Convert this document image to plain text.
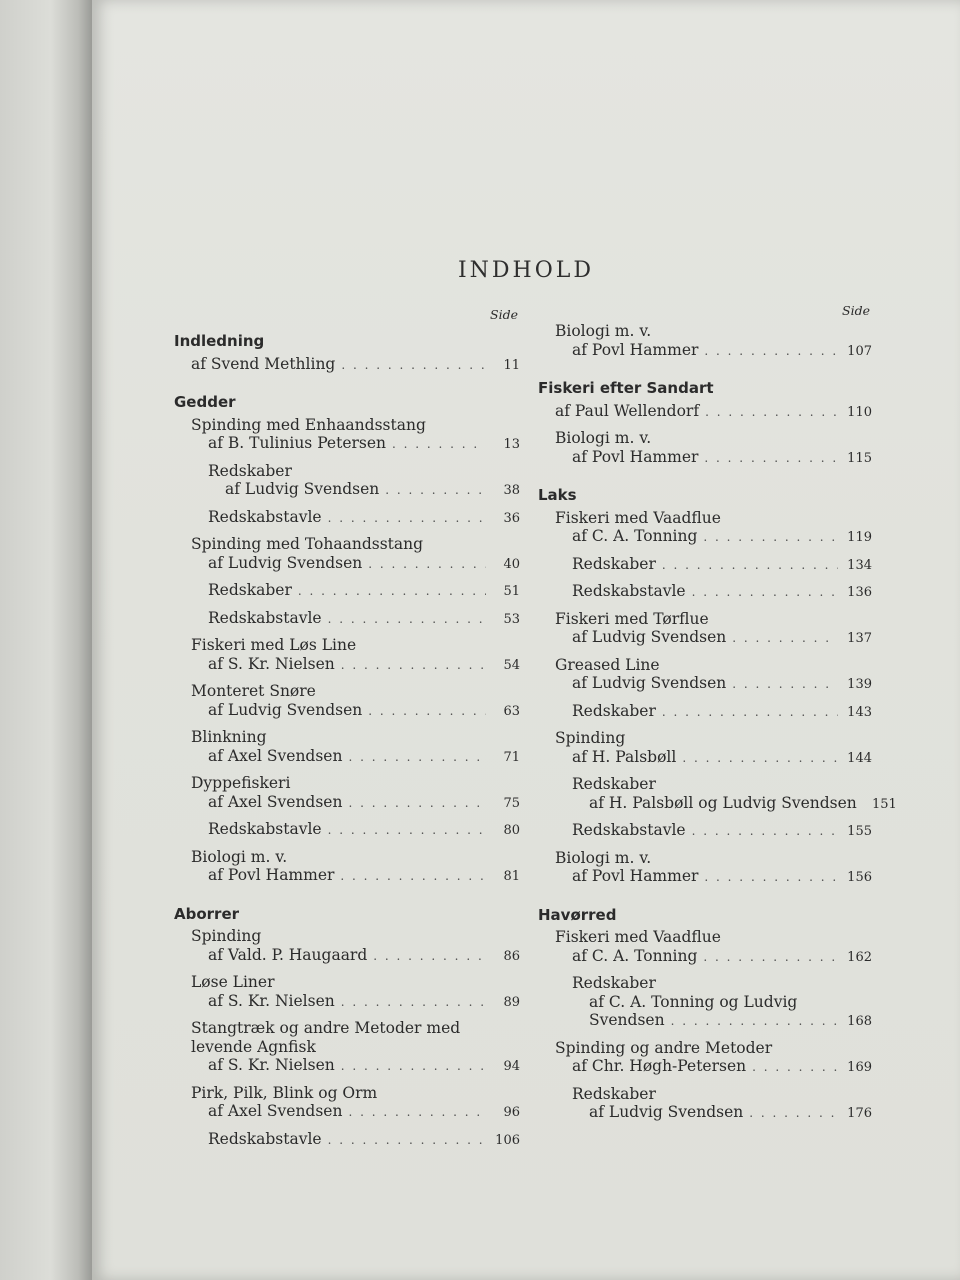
INDHOLD
Side
Indledning
af Svend Methling . . .	11
Gedder
Spinding med Enhaandsstang
af B. Tulinius Petersen . . .	13
Redskaber
af Ludvig Svendsen . . .	38
Redskabstavle . . .	36
Spinding med Tohaandsstang
af Ludvig Svendsen . . .	40
Redskaber . . .	51
Redskabstavle . . .	53
Fiskeri med Løs Line
af S. Kr. Nielsen . . .	54
Monteret Snøre
af Ludvig Svendsen . . .	63
Blinkning
af Axel Svendsen . . .	71
Dyppefiskeri
af Axel Svendsen . . .	75
Redskabstavle . . .	80
Biologi m. v.
af Povl Hammer . . .	81
Aborrer
Spinding
af Vald. P. Haugaard . . .	86
Løse Liner
af S. Kr. Nielsen . . .	89
Stangtræk og andre Metoder med
levende Agnfisk
af S. Kr. Nielsen . . .	94
Pirk, Pilk, Blink og Orm
af Axel Svendsen . . .	96
Redskabstavle . . .	106
Side
Biologi m. v.
af Povl Hammer . . .	107
Fiskeri efter Sandart
af Paul Wellendorf . . .	110
Biologi m. v.
af Povl Hammer . . .	115
Laks
Fiskeri med Vaadflue
af C. A. Tonning . . .	119
Redskaber . . .	134
Redskabstavle . . .	136
Fiskeri med Tørflue
af Ludvig Svendsen . . .	137
Greased Line
af Ludvig Svendsen . . .	139
Redskaber . . .	143
Spinding
af H. Palsbøll . . .	144
Redskaber
af H. Palsbøll og Ludvig Svendsen 151
Redskabstavle . . .	155
Biologi m. v.
af Povl Hammer . . .	156
Havørred
Fiskeri med Vaadflue
af C. A. Tonning . . .	162
Redskaber
af C. A. Tonning og Ludvig
Svendsen . . .	168
Spinding og andre Metoder
af Chr. Høgh-Petersen . . .	169
Redskaber
af Ludvig Svendsen . . .	176
